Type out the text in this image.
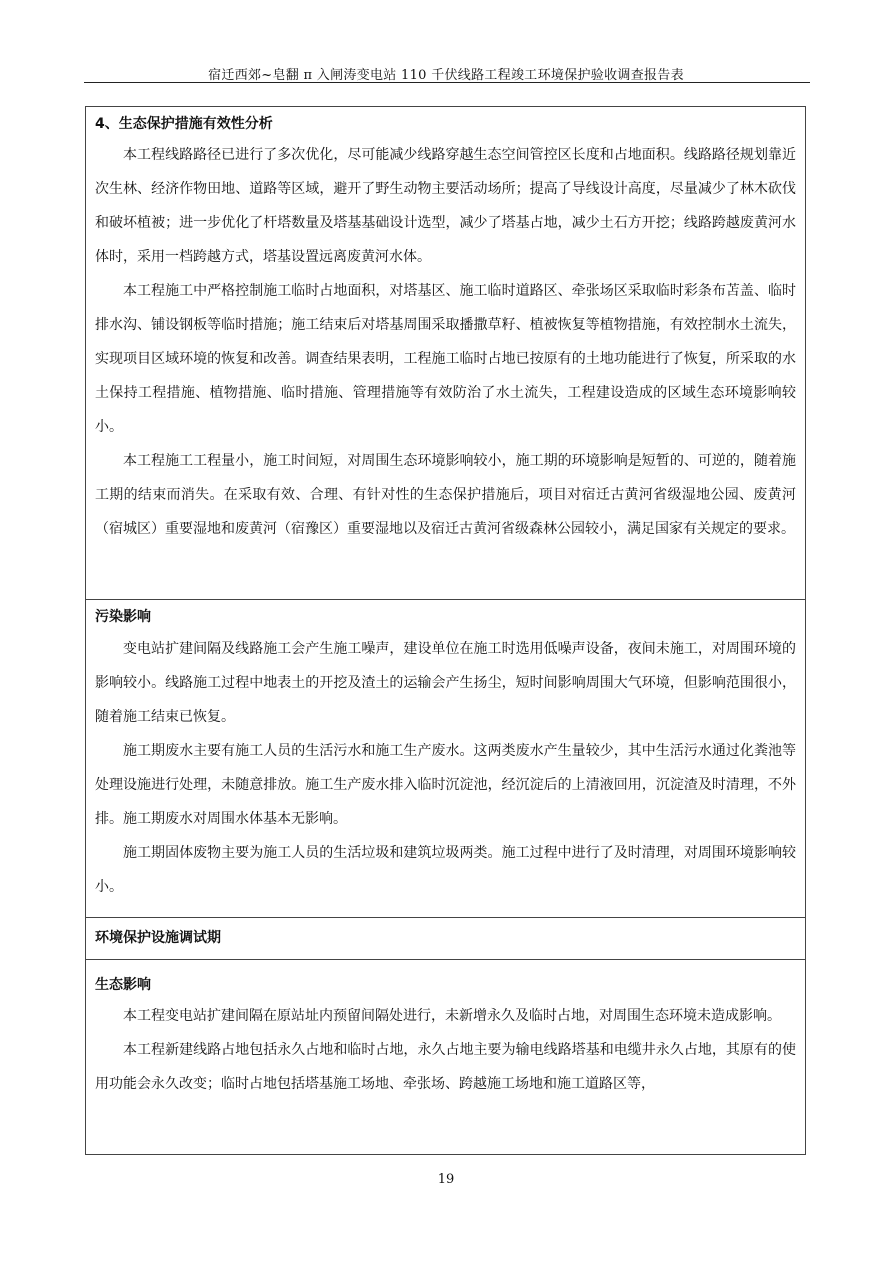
宿迁西郊~皂翻 π 入闸涛变电站 110 千伏线路工程竣工环境保护验收调查报告表
4、生态保护措施有效性分析

本工程线路路径已进行了多次优化，尽可能减少线路穿越生态空间管控区长度和占地面积。线路路径规划靠近次生林、经济作物田地、道路等区域，避开了野生动物主要活动场所；提高了导线设计高度，尽量减少了林木砍伐和破坏植被；进一步优化了杆塔数量及塔基基础设计选型，减少了塔基占地，减少土石方开挖；线路跨越废黄河水体时，采用一档跨越方式，塔基设置远离废黄河水体。

本工程施工中严格控制施工临时占地面积，对塔基区、施工临时道路区、牵张场区采取临时彩条布苫盖、临时排水沟、铺设钢板等临时措施；施工结束后对塔基周围采取播撒草籽、植被恢复等植物措施，有效控制水土流失，实现项目区域环境的恢复和改善。调查结果表明，工程施工临时占地已按原有的土地功能进行了恢复，所采取的水土保持工程措施、植物措施、临时措施、管理措施等有效防治了水土流失，工程建设造成的区域生态环境影响较小。

本工程施工工程量小，施工时间短，对周围生态环境影响较小，施工期的环境影响是短暂的、可逆的，随着施工期的结束而消失。在采取有效、合理、有针对性的生态保护措施后，项目对宿迁古黄河省级湿地公园、废黄河（宿城区）重要湿地和废黄河（宿豫区）重要湿地以及宿迁古黄河省级森林公园较小，满足国家有关规定的要求。

污染影响

变电站扩建间隔及线路施工会产生施工噪声，建设单位在施工时选用低噪声设备，夜间未施工，对周围环境的影响较小。线路施工过程中地表土的开挖及渣土的运输会产生扬尘，短时间影响周围大气环境，但影响范围很小，随着施工结束已恢复。

施工期废水主要有施工人员的生活污水和施工生产废水。这两类废水产生量较少，其中生活污水通过化粪池等处理设施进行处理，未随意排放。施工生产废水排入临时沉淀池，经沉淀后的上清液回用，沉淀渣及时清理，不外排。施工期废水对周围水体基本无影响。

施工期固体废物主要为施工人员的生活垃圾和建筑垃圾两类。施工过程中进行了及时清理，对周围环境影响较小。

环境保护设施调试期
生态影响

本工程变电站扩建间隔在原站址内预留间隔处进行，未新增永久及临时占地，对周围生态环境未造成影响。

本工程新建线路占地包括永久占地和临时占地，永久占地主要为输电线路塔基和电缆井永久占地，其原有的使用功能会永久改变；临时占地包括塔基施工场地、牵张场、跨越施工场地和施工道路区等，

19
